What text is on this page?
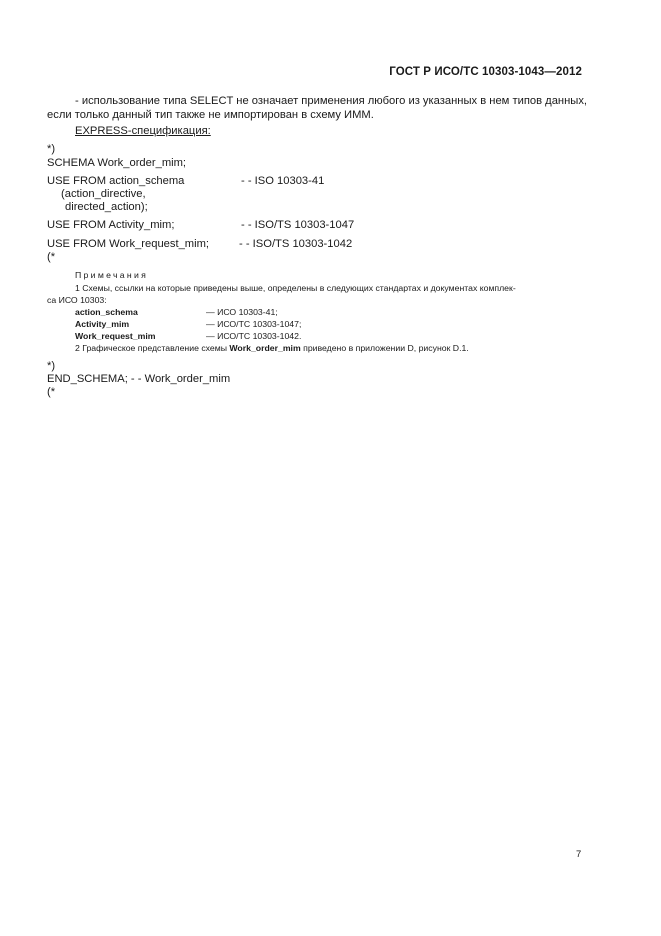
ГОСТ Р ИСО/ТС 10303-1043—2012
- использование типа SELECT не означает применения любого из указанных в нем типов данных,
если только данный тип также не импортирован в схему ИММ.
EXPRESS-спецификация:
*)
SCHEMA Work_order_mim;
USE FROM action_schema	- - ISO 10303-41
(action_directive,
directed_action);
USE FROM Activity_mim;	- - ISO/TS 10303-1047
USE FROM Work_request_mim;	- - ISO/TS 10303-1042
(*
Примечания
1 Схемы, ссылки на которые приведены выше, определены в следующих стандартах и документах комплек-
са ИСО 10303:
action_schema	— ИСО 10303-41;
Activity_mim	— ИСО/ТС 10303-1047;
Work_request_mim	— ИСО/ТС 10303-1042.
2 Графическое представление схемы Work_order_mim приведено в приложении D, рисунок D.1.
*)
END_SCHEMA; - - Work_order_mim
(*
7
